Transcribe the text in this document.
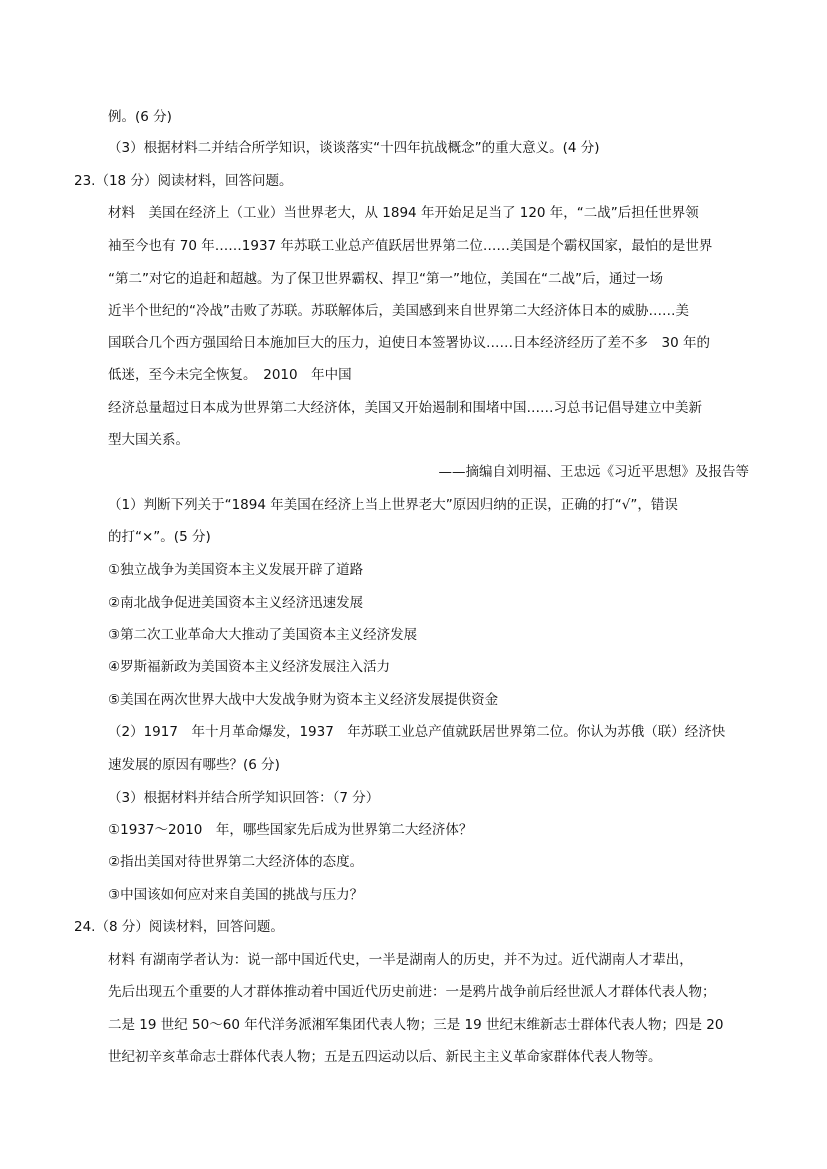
例。(6 分)
（3）根据材料二并结合所学知识，谈谈落实“十四年抗战概念”的重大意义。(4 分)
23.（18 分）阅读材料，回答问题。
材料　美国在经济上（工业）当世界老大，从 1894 年开始足足当了 120 年，“二战”后担任世界领
袖至今也有 70 年……1937 年苏联工业总产值跃居世界第二位……美国是个霸权国家，最怕的是世界
“第二”对它的追赶和超越。为了保卫世界霸权、捍卫“第一”地位，美国在“二战”后，通过一场
近半个世纪的“冷战”击败了苏联。苏联解体后，美国感到来自世界第二大经济体日本的威胁……美
国联合几个西方强国给日本施加巨大的压力，迫使日本签署协议……日本经济经历了差不多　30 年的
低迷，至今未完全恢复。　2010　年中国
经济总量超过日本成为世界第二大经济体，美国又开始遏制和围堵中国……习总书记倡导建立中美新
型大国关系。
——摘编自刘明福、王忠远《习近平思想》及报告等
（1）判断下列关于“1894 年美国在经济上当上世界老大”原因归纳的正误，正确的打“√”，错误
的打“×”。(5 分)
①独立战争为美国资本主义发展开辟了道路
②南北战争促进美国资本主义经济迅速发展
③第二次工业革命大大推动了美国资本主义经济发展
④罗斯福新政为美国资本主义经济发展注入活力
⑤美国在两次世界大战中大发战争财为资本主义经济发展提供资金
（2）1917　年十月革命爆发，1937　年苏联工业总产值就跃居世界第二位。你认为苏俄（联）经济快
速发展的原因有哪些？(6 分)
（3）根据材料并结合所学知识回答：（7 分）
①1937～2010　年，哪些国家先后成为世界第二大经济体？
②指出美国对待世界第二大经济体的态度。
③中国该如何应对来自美国的挑战与压力？
24.（8 分）阅读材料，回答问题。
材料 有湖南学者认为：说一部中国近代史，一半是湖南人的历史，并不为过。近代湖南人才辈出，
先后出现五个重要的人才群体推动着中国近代历史前进：一是鸦片战争前后经世派人才群体代表人物；
二是 19 世纪 50～60 年代洋务派湘军集团代表人物；三是 19 世纪末维新志士群体代表人物；四是 20
世纪初辛亥革命志士群体代表人物；五是五四运动以后、新民主主义革命家群体代表人物等。
